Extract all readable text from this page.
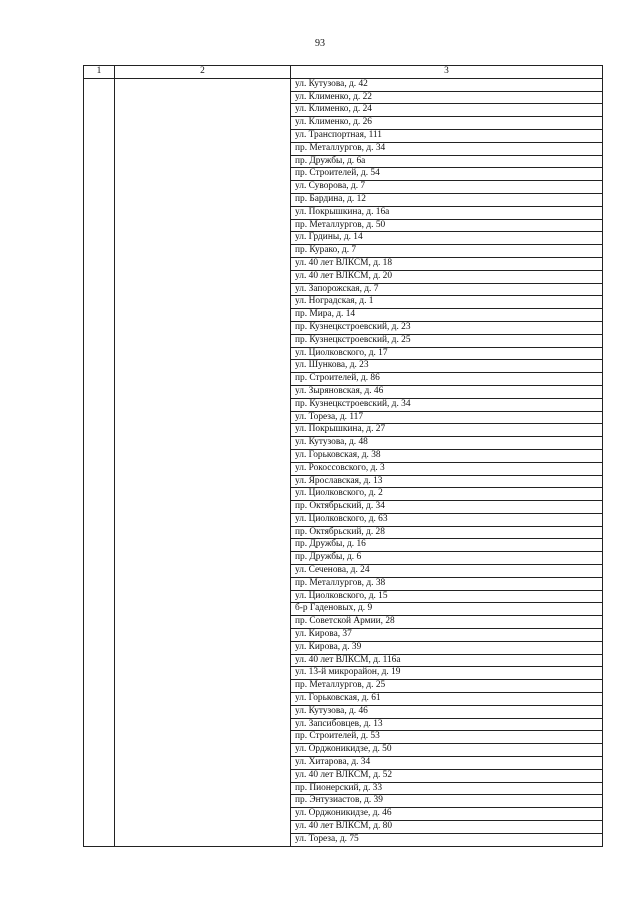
93
1	2	3
		ул. Кутузова, д. 42
		ул. Клименко, д. 22
		ул. Клименко, д. 24
		ул. Клименко, д. 26
		ул. Транспортная, 111
		пр. Металлургов, д. 34
		пр. Дружбы, д. 6а
		пр. Строителей, д. 54
		ул. Суворова, д. 7
		пр. Бардина, д. 12
		ул. Покрышкина, д. 16а
		пр. Металлургов, д. 50
		ул. Грдины, д. 14
		пр. Курако, д. 7
		ул. 40 лет ВЛКСМ, д. 18
		ул. 40 лет ВЛКСМ, д. 20
		ул. Запорожская, д. 7
		ул. Ноградская, д. 1
		пр. Мира, д. 14
		пр. Кузнецкстроевский, д. 23
		пр. Кузнецкстроевский, д. 25
		ул. Циолковского, д. 17
		ул. Шункова, д. 23
		пр. Строителей, д. 86
		ул. Зыряновская, д. 46
		пр. Кузнецкстроевский, д. 34
		ул. Тореза, д. 117
		ул. Покрышкина, д. 27
		ул. Кутузова, д. 48
		ул. Горьковская, д. 38
		ул. Рокоссовского, д. 3
		ул. Ярославская, д. 13
		ул. Циолковского, д. 2
		пр. Октябрьский, д. 34
		ул. Циолковского, д. 63
		пр. Октябрьский, д. 28
		пр. Дружбы, д. 16
		пр. Дружбы, д. 6
		ул. Сеченова, д. 24
		пр. Металлургов, д. 38
		ул. Циолковского, д. 15
		б-р Гаденовых, д. 9
		пр. Советской Армии, 28
		ул. Кирова, 37
		ул. Кирова, д. 39
		ул. 40 лет ВЛКСМ, д. 116а
		ул. 13-й микрорайон, д. 19
		пр. Металлургов, д. 25
		ул. Горьковская, д. 61
		ул. Кутузова, д. 46
		ул. Запсибовцев, д. 13
		пр. Строителей, д. 53
		ул. Орджоникидзе, д. 50
		ул. Хитарова, д. 34
		ул. 40 лет ВЛКСМ, д. 52
		пр. Пионерский, д. 33
		пр. Энтузиастов, д. 39
		ул. Орджоникидзе, д. 46
		ул. 40 лет ВЛКСМ, д. 80
		ул. Тореза, д. 75
